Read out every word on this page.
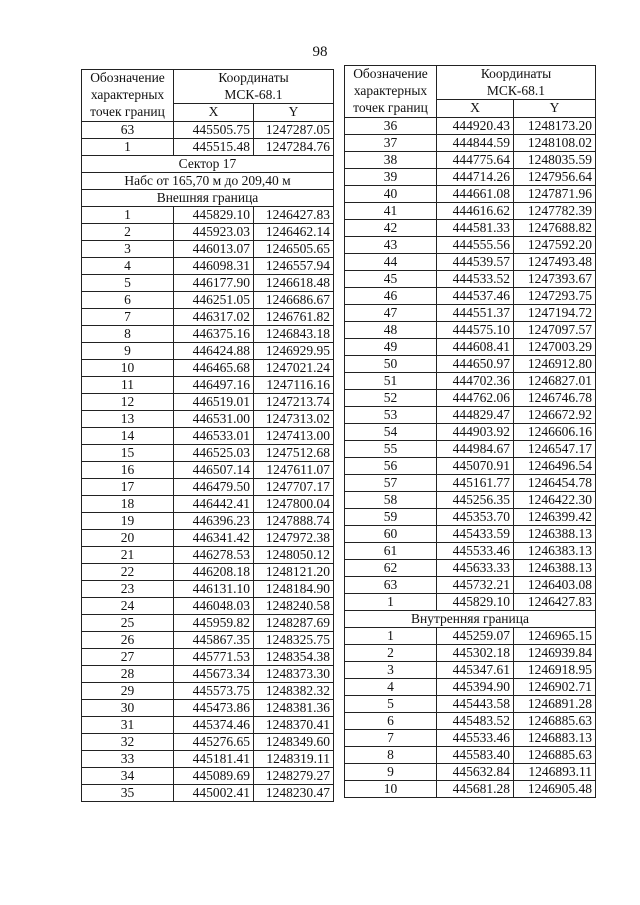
98
Обозначение	Координаты	
характерных	МСК-68.1	
точек границ	X	Y
63	445505.75	1247287.05
1	445515.48	1247284.76
Сектор 17		
Набс от 165,70 м до 209,40 м		
Внешняя граница		
1	445829.10	1246427.83
2	445923.03	1246462.14
3	446013.07	1246505.65
4	446098.31	1246557.94
5	446177.90	1246618.48
6	446251.05	1246686.67
7	446317.02	1246761.82
8	446375.16	1246843.18
9	446424.88	1246929.95
10	446465.68	1247021.24
11	446497.16	1247116.16
12	446519.01	1247213.74
13	446531.00	1247313.02
14	446533.01	1247413.00
15	446525.03	1247512.68
16	446507.14	1247611.07
17	446479.50	1247707.17
18	446442.41	1247800.04
19	446396.23	1247888.74
20	446341.42	1247972.38
21	446278.53	1248050.12
22	446208.18	1248121.20
23	446131.10	1248184.90
24	446048.03	1248240.58
25	445959.82	1248287.69
26	445867.35	1248325.75
27	445771.53	1248354.38
28	445673.34	1248373.30
29	445573.75	1248382.32
30	445473.86	1248381.36
31	445374.46	1248370.41
32	445276.65	1248349.60
33	445181.41	1248319.11
34	445089.69	1248279.27
35	445002.41	1248230.47
Обозначение	Координаты	
характерных	МСК-68.1	
точек границ	X	Y
36	444920.43	1248173.20
37	444844.59	1248108.02
38	444775.64	1248035.59
39	444714.26	1247956.64
40	444661.08	1247871.96
41	444616.62	1247782.39
42	444581.33	1247688.82
43	444555.56	1247592.20
44	444539.57	1247493.48
45	444533.52	1247393.67
46	444537.46	1247293.75
47	444551.37	1247194.72
48	444575.10	1247097.57
49	444608.41	1247003.29
50	444650.97	1246912.80
51	444702.36	1246827.01
52	444762.06	1246746.78
53	444829.47	1246672.92
54	444903.92	1246606.16
55	444984.67	1246547.17
56	445070.91	1246496.54
57	445161.77	1246454.78
58	445256.35	1246422.30
59	445353.70	1246399.42
60	445433.59	1246388.13
61	445533.46	1246383.13
62	445633.33	1246388.13
63	445732.21	1246403.08
1	445829.10	1246427.83
Внутренняя граница		
1	445259.07	1246965.15
2	445302.18	1246939.84
3	445347.61	1246918.95
4	445394.90	1246902.71
5	445443.58	1246891.28
6	445483.52	1246885.63
7	445533.46	1246883.13
8	445583.40	1246885.63
9	445632.84	1246893.11
10	445681.28	1246905.48
